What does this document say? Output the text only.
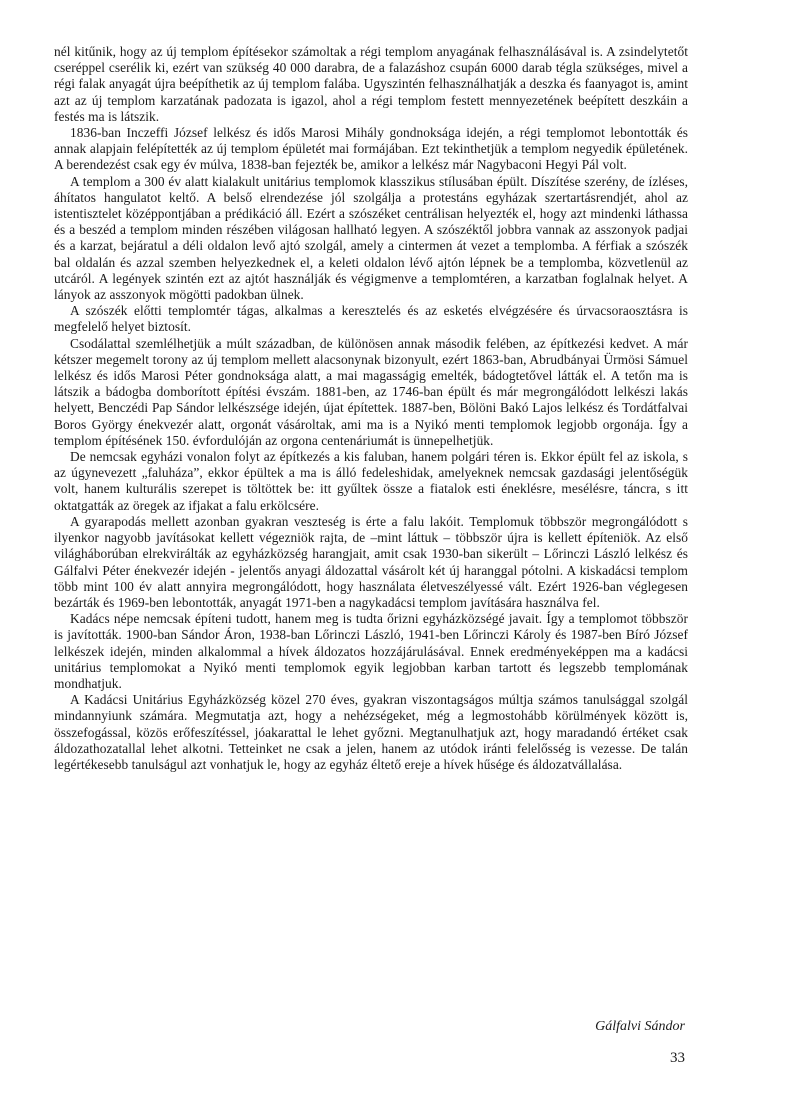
nél kitűnik, hogy az új templom építésekor számoltak a régi templom anyagának felhasználásával is. A zsindelytetőt cseréppel cserélik ki, ezért van szükség 40 000 darabra, de a falazáshoz csupán 6000 darab tégla szükséges, mivel a régi falak anyagát újra beépíthetik az új templom falába. Ugyszintén felhasználhatják a deszka és faanyagot is, amint azt az új templom karzatának padozata is igazol, ahol a régi templom festett mennyezetének beépített deszkáin a festés ma is látszik.

1836-ban Inczeffi József lelkész és idős Marosi Mihály gondnoksága idején, a régi templomot lebontották és annak alapjain felépítették az új templom épületét mai formájában. Ezt tekinthetjük a templom negyedik épületének. A berendezést csak egy év múlva, 1838-ban fejezték be, amikor a lelkész már Nagybaconi Hegyi Pál volt.

A templom a 300 év alatt kialakult unitárius templomok klasszikus stílusában épült. Díszítése szerény, de ízléses, áhítatos hangulatot keltő. A belső elrendezése jól szolgálja a protestáns egyházak szertartásrendjét, ahol az istentisztelet középpontjában a prédikáció áll. Ezért a szószéket centrálisan helyezték el, hogy azt mindenki láthassa és a beszéd a templom minden részében világosan hallható legyen. A szószéktől jobbra vannak az asszonyok padjai és a karzat, bejáratul a déli oldalon levő ajtó szolgál, amely a cintermen át vezet a templomba. A férfiak a szószék bal oldalán és azzal szemben helyezkednek el, a keleti oldalon lévő ajtón lépnek be a templomba, közvetlenül az utcáról. A legények szintén ezt az ajtót használják és végigmenve a templomtéren, a karzatban foglalnak helyet. A lányok az asszonyok mögötti padokban ülnek.

A szószék előtti templomtér tágas, alkalmas a keresztelés és az esketés elvégzésére és úrvacsoraosztásra is megfelelő helyet biztosít.

Csodálattal szemlélhetjük a múlt században, de különösen annak második felében, az építkezési kedvet. A már kétszer megemelt torony az új templom mellett alacsonynak bizonyult, ezért 1863-ban, Abrudbányai Ürmösi Sámuel lelkész és idős Marosi Péter gondnoksága alatt, a mai magasságig emelték, bádogtetővel látták el. A tetőn ma is látszik a bádogba domborított építési évszám. 1881-ben, az 1746-ban épült és már megrongálódott lelkészi lakás helyett, Benczédi Pap Sándor lelkészsége idején, újat építettek. 1887-ben, Bölöni Bakó Lajos lelkész és Tordátfalvai Boros György énekvezér alatt, orgonát vásároltak, ami ma is a Nyikó menti templomok legjobb orgonája. Így a templom építésének 150. évfordulóján az orgona centenáriumát is ünnepelhetjük.

De nemcsak egyházi vonalon folyt az építkezés a kis faluban, hanem polgári téren is. Ekkor épült fel az iskola, s az úgynevezett „faluháza”, ekkor épültek a ma is álló fedeleshidak, amelyeknek nemcsak gazdasági jelentőségük volt, hanem kulturális szerepet is töltöttek be: itt gyűltek össze a fiatalok esti éneklésre, mesélésre, táncra, s itt oktatgatták az öregek az ifjakat a falu erkölcsére.

A gyarapodás mellett azonban gyakran veszteség is érte a falu lakóit. Templomuk többször megrongálódott s ilyenkor nagyobb javításokat kellett végezniök rajta, de –mint láttuk – többször újra is kellett építeniök. Az első világháborúban elrekvirálták az egyházközség harangjait, amit csak 1930-ban sikerült – Lőrinczi László lelkész és Gálfalvi Péter énekvezér idején - jelentős anyagi áldozattal vásárolt két új haranggal pótolni. A kiskadácsi templom több mint 100 év alatt annyira megrongálódott, hogy használata életveszélyessé vált. Ezért 1926-ban véglegesen bezárták és 1969-ben lebontották, anyagát 1971-ben a nagykadácsi templom javítására használva fel.

Kadács népe nemcsak építeni tudott, hanem meg is tudta őrizni egyházközségé javait. Így a templomot többször is javították. 1900-ban Sándor Áron, 1938-ban Lőrinczi László, 1941-ben Lőrinczi Károly és 1987-ben Bíró József lelkészek idején, minden alkalommal a hívek áldozatos hozzájárulásával. Ennek eredményeképpen ma a kadácsi unitárius templomokat a Nyikó menti templomok egyik legjobban karban tartott és legszebb templomának mondhatjuk.

A Kadácsi Unitárius Egyházközség közel 270 éves, gyakran viszontagságos múltja számos tanulsággal szolgál mindannyiunk számára. Megmutatja azt, hogy a nehézségeket, még a legmostohább körülmények között is, összefogással, közös erőfeszítéssel, jóakarattal le lehet győzni. Megtanulhatjuk azt, hogy maradandó értéket csak áldozathozatallal lehet alkotni. Tetteinket ne csak a jelen, hanem az utódok iránti felelősség is vezesse. De talán legértékesebb tanulságul azt vonhatjuk le, hogy az egyház éltető ereje a hívek hűsége és áldozatvállalása.

Gálfalvi Sándor
33
